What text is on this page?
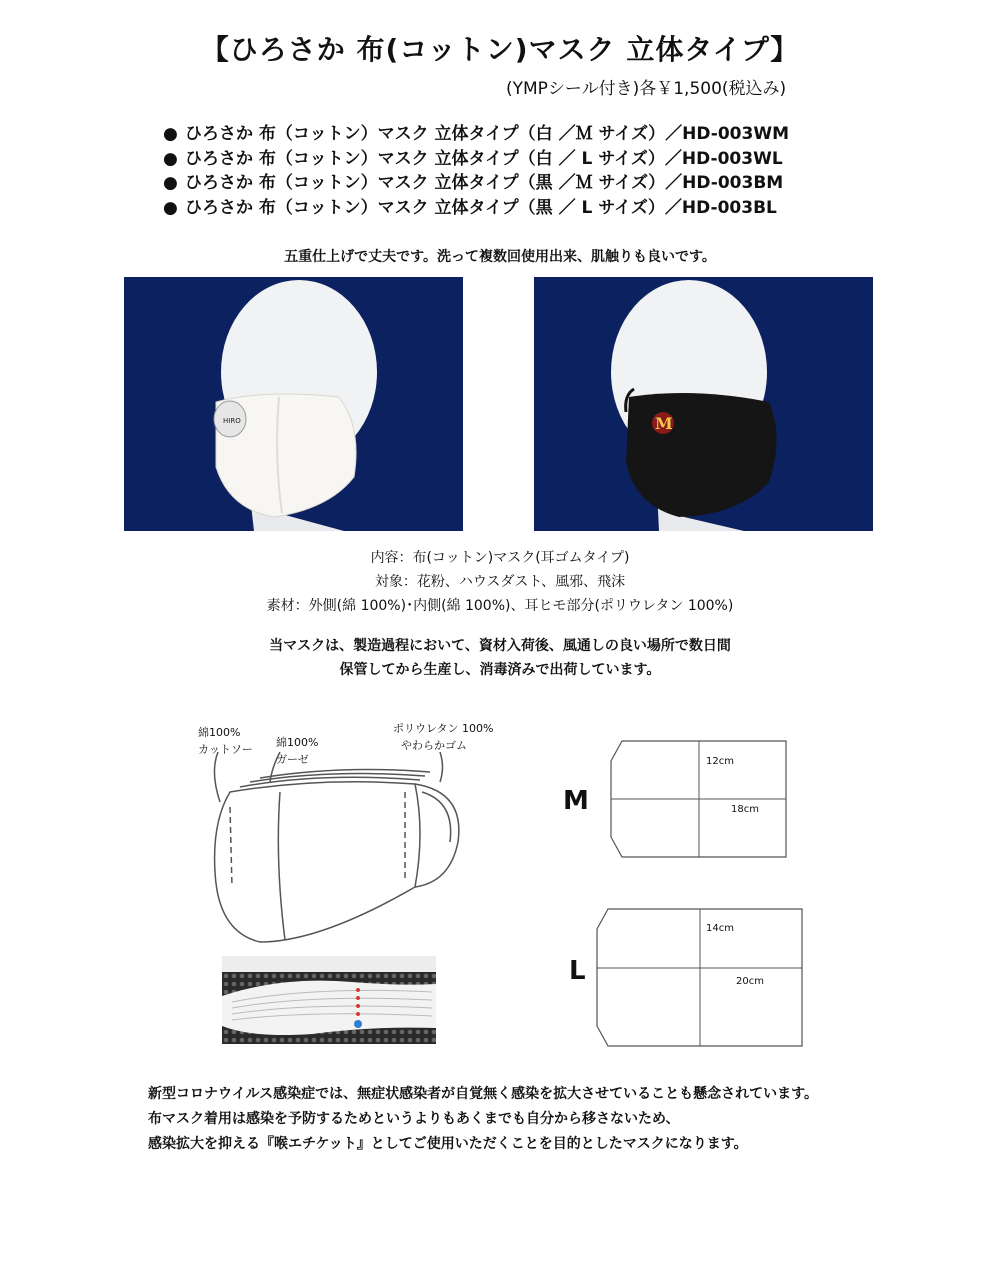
【ひろさか 布(コットン)マスク 立体タイプ】
(YMPシール付き)各￥1,500(税込み)
● ひろさか 布（コットン）マスク 立体タイプ（白 ／Ｍ サイズ）／HD-003WM
● ひろさか 布（コットン）マスク 立体タイプ（白 ／ L サイズ）／HD-003WL
● ひろさか 布（コットン）マスク 立体タイプ（黒 ／Ｍ サイズ）／HD-003BM
● ひろさか 布（コットン）マスク 立体タイプ（黒 ／ L サイズ）／HD-003BL
五重仕上げで丈夫です。洗って複数回使用出来、肌触りも良いです。
HIRO	M
内容：布(コットン)マスク(耳ゴムタイプ)
対象：花粉、ハウスダスト、風邪、飛沫
素材：外側(綿 100%)･内側(綿 100%)、耳ヒモ部分(ポリウレタン 100%)
当マスクは、製造過程において、資材入荷後、風通しの良い場所で数日間
保管してから生産し、消毒済みで出荷しています。
綿100%
カットソー
綿100%
ガーゼ
ポリウレタン 100%
やわらかゴム
M
L
12cm
18cm
14cm
20cm
新型コロナウイルス感染症では、無症状感染者が自覚無く感染を拡大させていることも懸念されています。
布マスク着用は感染を予防するためというよりもあくまでも自分から移さないため、
感染拡大を抑える『喉エチケット』としてご使用いただくことを目的としたマスクになります。
